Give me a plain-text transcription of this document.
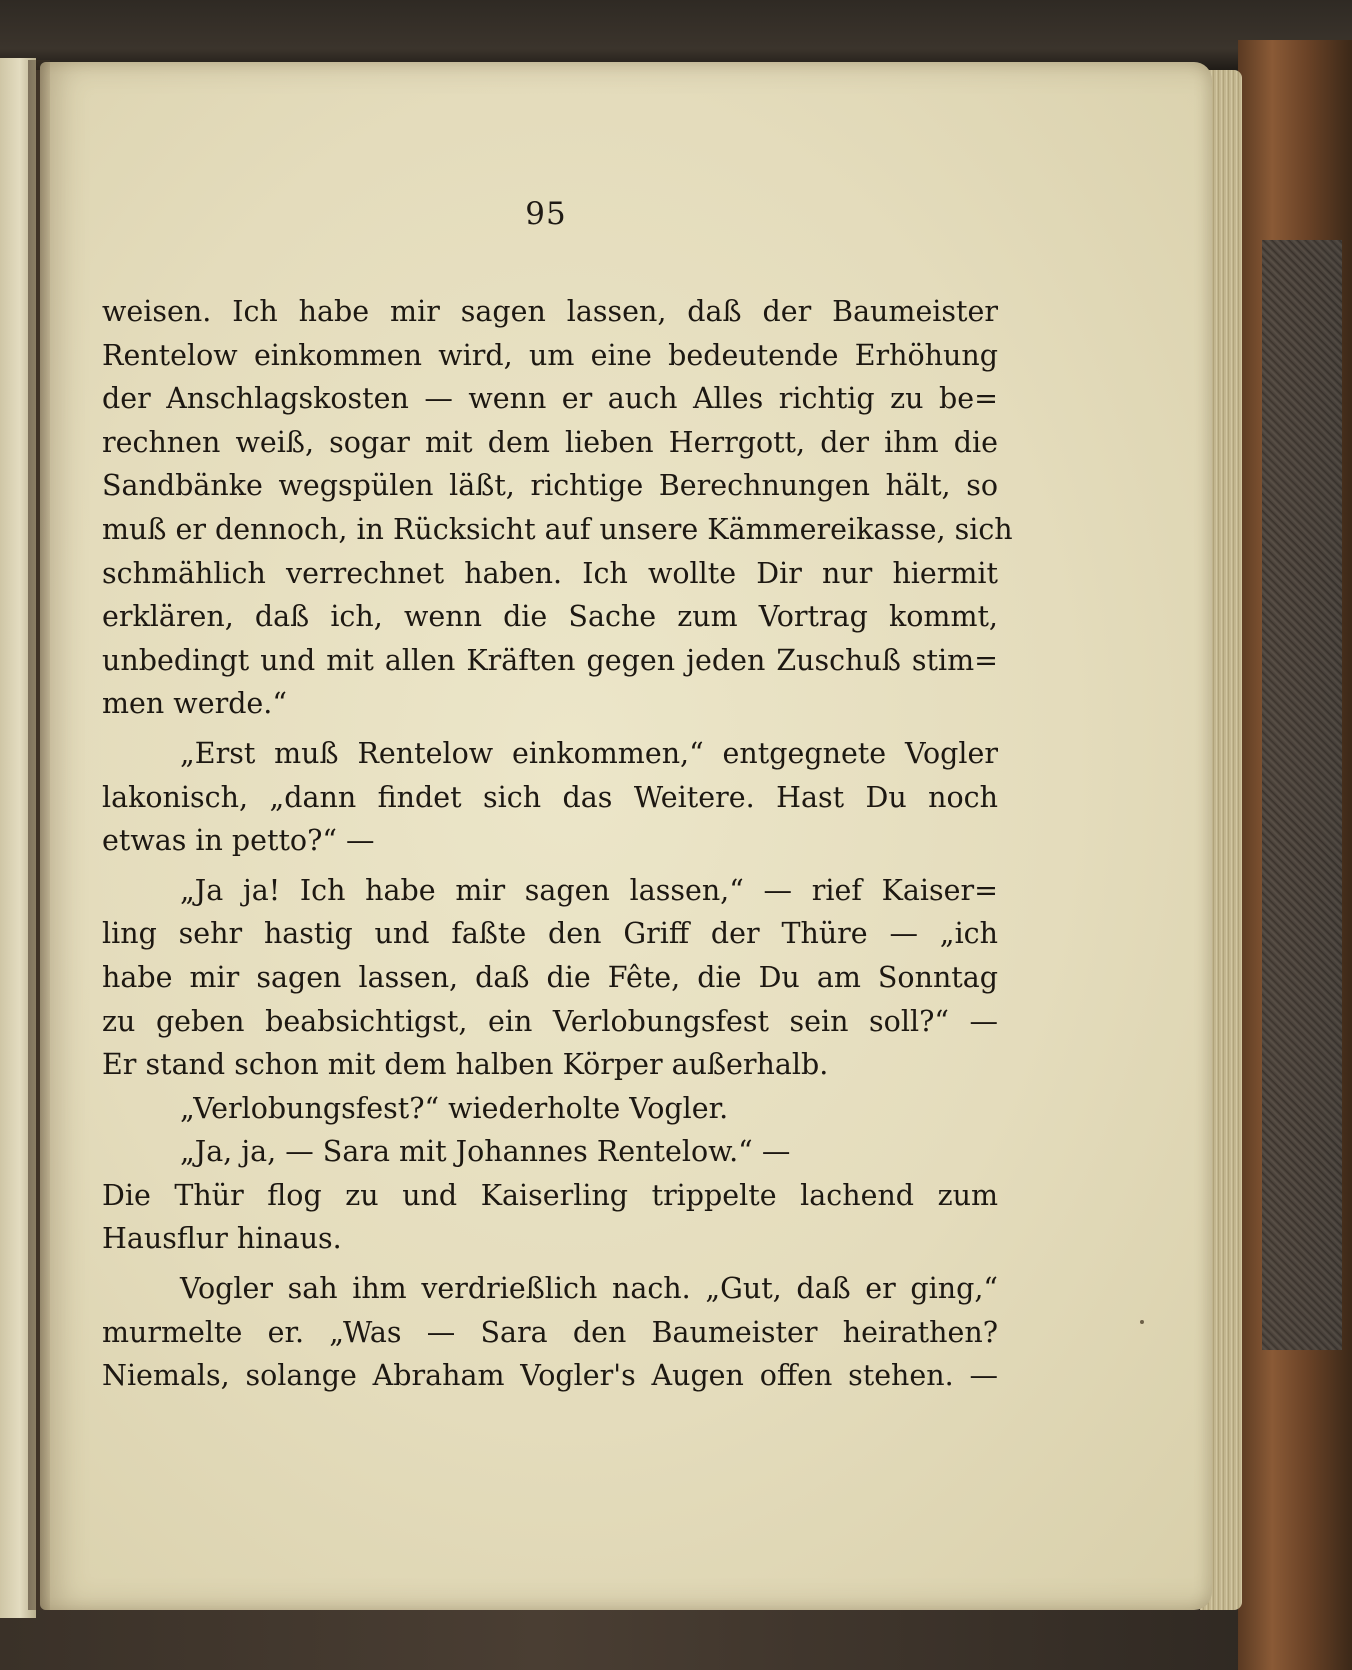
95
weisen. Ich habe mir sagen lassen, daß der Baumeister
Rentelow einkommen wird, um eine bedeutende Erhöhung
der Anschlagskosten — wenn er auch Alles richtig zu be=
rechnen weiß, sogar mit dem lieben Herrgott, der ihm die
Sandbänke wegspülen läßt, richtige Berechnungen hält, so
muß er dennoch, in Rücksicht auf unsere Kämmereikasse, sich
schmählich verrechnet haben. Ich wollte Dir nur hiermit
erklären, daß ich, wenn die Sache zum Vortrag kommt,
unbedingt und mit allen Kräften gegen jeden Zuschuß stim=
men werde.“
„Erst muß Rentelow einkommen,“ entgegnete Vogler
lakonisch, „dann findet sich das Weitere. Hast Du noch
etwas in petto?“ —
„Ja ja! Ich habe mir sagen lassen,“ — rief Kaiser=
ling sehr hastig und faßte den Griff der Thüre — „ich
habe mir sagen lassen, daß die Fête, die Du am Sonntag
zu geben beabsichtigst, ein Verlobungsfest sein soll?“ —
Er stand schon mit dem halben Körper außerhalb.
„Verlobungsfest?“ wiederholte Vogler.
„Ja, ja, — Sara mit Johannes Rentelow.“ —
Die Thür flog zu und Kaiserling trippelte lachend zum
Hausflur hinaus.
Vogler sah ihm verdrießlich nach. „Gut, daß er ging,“
murmelte er. „Was — Sara den Baumeister heirathen?
Niemals, solange Abraham Vogler's Augen offen stehen. —
